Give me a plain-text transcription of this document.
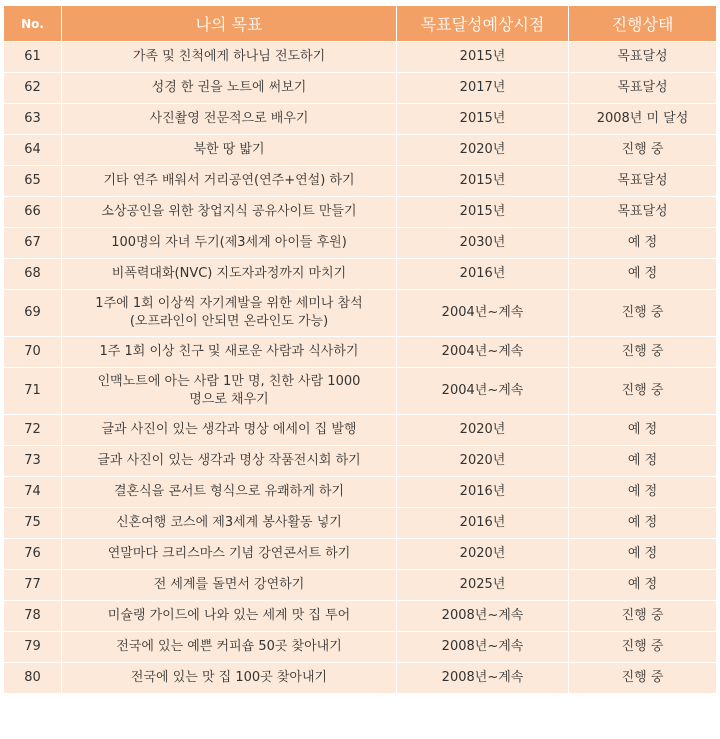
No.	나의 목표	목표달성예상시점	진행상태
61	가족 및 친척에게 하나님 전도하기	2015년	목표달성
62	성경 한 권을 노트에 써보기	2017년	목표달성
63	사진촬영 전문적으로 배우기	2015년	2008년 미 달성
64	북한 땅 밟기	2020년	진행 중
65	기타 연주 배워서 거리공연(연주+연설) 하기	2015년	목표달성
66	소상공인을 위한 창업지식 공유사이트 만들기	2015년	목표달성
67	100명의 자녀 두기(제3세계 아이들 후원)	2030년	예 정
68	비폭력대화(NVC) 지도자과정까지 마치기	2016년	예 정
69	1주에 1회 이상씩 자기계발을 위한 세미나 참석
(오프라인이 안되면 온라인도 가능)	2004년~계속	진행 중
70	1주 1회 이상 친구 및 새로운 사람과 식사하기	2004년~계속	진행 중
71	인맥노트에 아는 사람 1만 명, 친한 사람 1000
명으로 채우기	2004년~계속	진행 중
72	글과 사진이 있는 생각과 명상 에세이 집 발행	2020년	예 정
73	글과 사진이 있는 생각과 명상 작품전시회 하기	2020년	예 정
74	결혼식을 콘서트 형식으로 유쾌하게 하기	2016년	예 정
75	신혼여행 코스에 제3세계 봉사활동 넣기	2016년	예 정
76	연말마다 크리스마스 기념 강연콘서트 하기	2020년	예 정
77	전 세계를 돌면서 강연하기	2025년	예 정
78	미슐랭 가이드에 나와 있는 세계 맛 집 투어	2008년~계속	진행 중
79	전국에 있는 예쁜 커피숍 50곳 찾아내기	2008년~계속	진행 중
80	전국에 있는 맛 집 100곳 찾아내기	2008년~계속	진행 중
